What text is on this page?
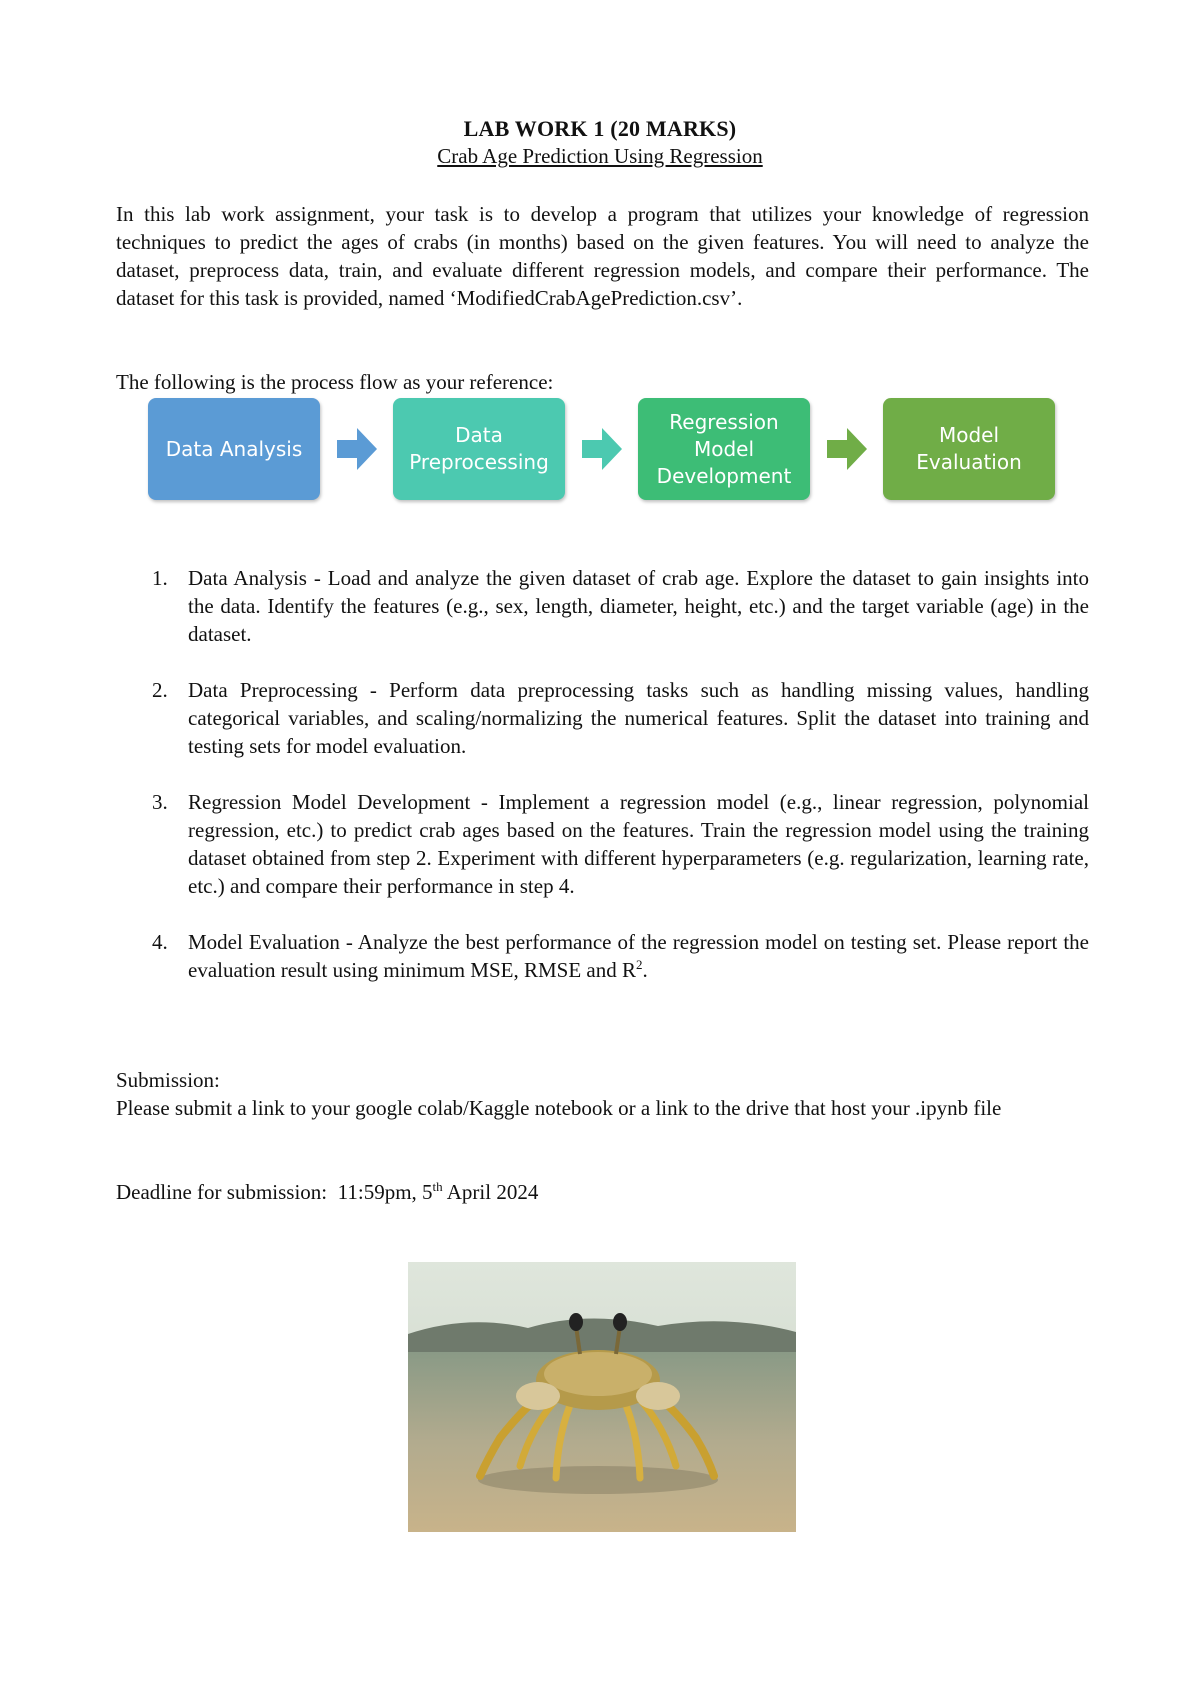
LAB WORK 1 (20 MARKS)
Crab Age Prediction Using Regression

In this lab work assignment, your task is to develop a program that utilizes your knowledge of regression techniques to predict the ages of crabs (in months) based on the given features. You will need to analyze the dataset, preprocess data, train, and evaluate different regression models, and compare their performance. The dataset for this task is provided, named ‘ModifiedCrabAgePrediction.csv’.

The following is the process flow as your reference:

Data Analysis
Data
Preprocessing
Regression
Model
Development
Model
Evaluation
1. Data Analysis - Load and analyze the given dataset of crab age. Explore the dataset to gain insights into the data. Identify the features (e.g., sex, length, diameter, height, etc.) and the target variable (age) in the dataset.
2. Data Preprocessing - Perform data preprocessing tasks such as handling missing values, handling categorical variables, and scaling/normalizing the numerical features. Split the dataset into training and testing sets for model evaluation.
3. Regression Model Development - Implement a regression model (e.g., linear regression, polynomial regression, etc.) to predict crab ages based on the features. Train the regression model using the training dataset obtained from step 2. Experiment with different hyperparameters (e.g. regularization, learning rate, etc.) and compare their performance in step 4.
4. Model Evaluation - Analyze the best performance of the regression model on testing set. Please report the evaluation result using minimum MSE, RMSE and $R^2$.

Submission:

Please submit a link to your google colab/Kaggle notebook or a link to the drive that host your .ipynb file

Deadline for submission: 11:59pm, 5th April 2024
